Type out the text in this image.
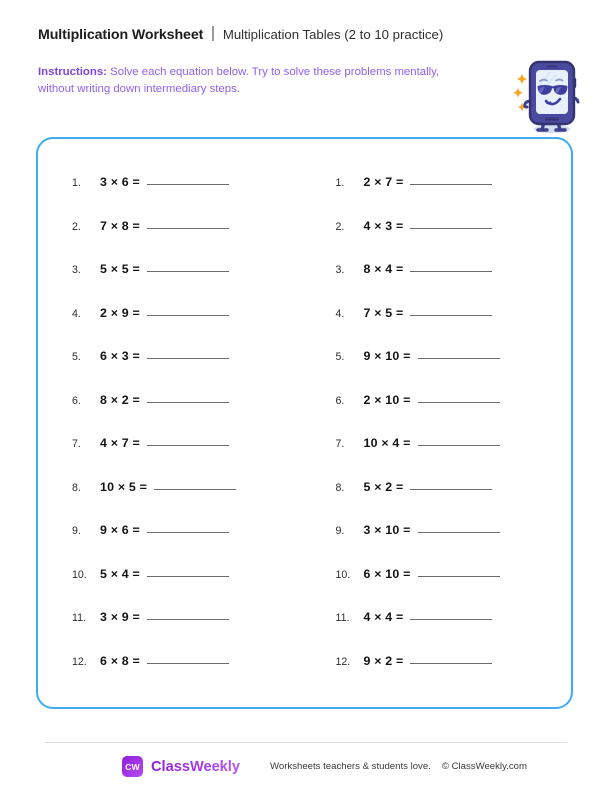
Multiplication Worksheet Multiplication Tables (2 to 10 practice)
Instructions: Solve each equation below. Try to solve these problems mentally, without writing down intermediary steps.
1.	3 × 6 =
2.	7 × 8 =
3.	5 × 5 =
4.	2 × 9 =
5.	6 × 3 =
6.	8 × 2 =
7.	4 × 7 =
8.	10 × 5 =
9.	9 × 6 =
10.	5 × 4 =
11.	3 × 9 =
12.	6 × 8 =
1.	2 × 7 =
2.	4 × 3 =
3.	8 × 4 =
4.	7 × 5 =
5.	9 × 10 =
6.	2 × 10 =
7.	10 × 4 =
8.	5 × 2 =
9.	3 × 10 =
10.	6 × 10 =
11.	4 × 4 =
12.	9 × 2 =
CW ClassWeekly	Worksheets teachers & students love. © ClassWeekly.com
